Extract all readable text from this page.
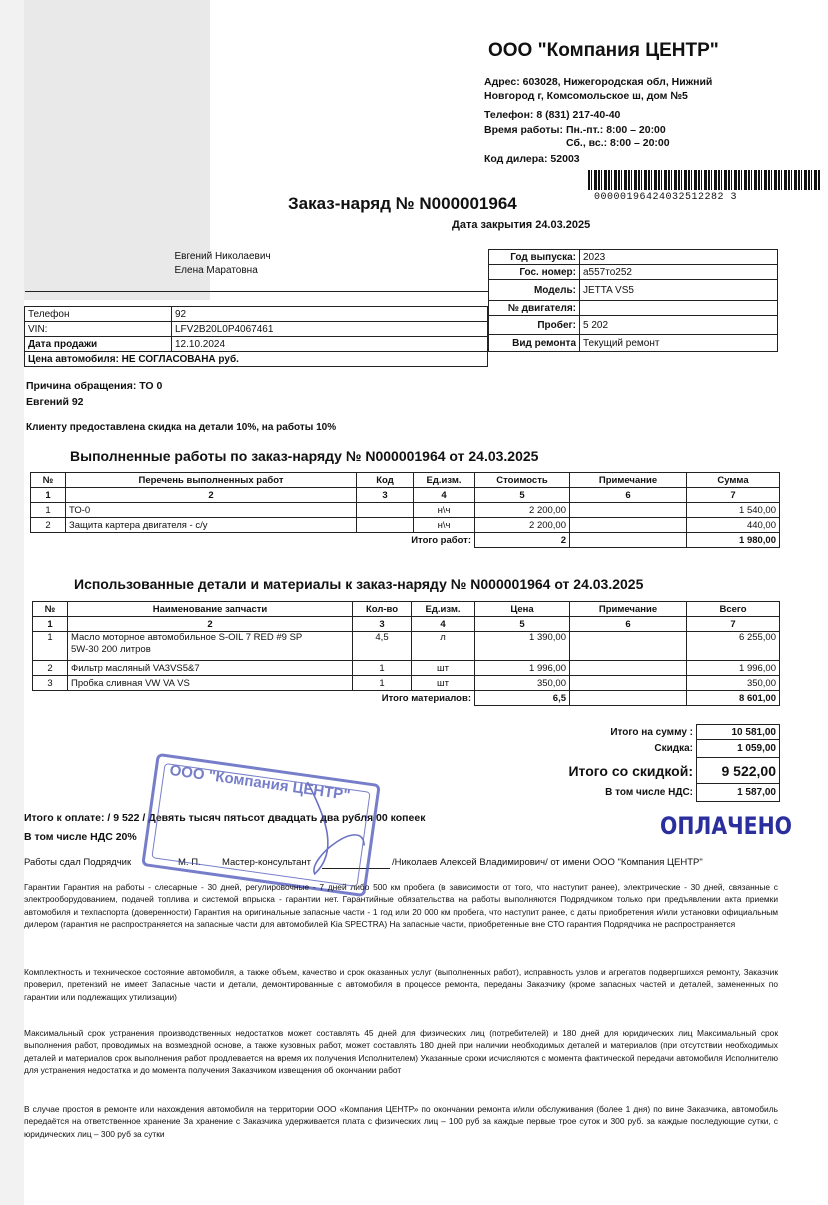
ООО "Компания ЦЕНТР"
Адрес: 603028, Нижегородская обл, Нижний
Новгород г, Комсомольское ш, дом №5
Телефон: 8 (831) 217-40-40
Время работы: Пн.-пт.: 8:00 – 20:00
Сб., вс.: 8:00 – 20:00
Код дилера: 52003
00000196424032512282 3
Заказ-наряд № N000001964
Дата закрытия 24.03.2025
	Евгений Николаевич
	Елена Маратовна

Телефон	92
VIN:	LFV2B20L0P4067461
Дата продажи	12.10.2024
Цена автомобиля: НЕ СОГЛАСОВАНА руб.	
Год выпуска:	2023
Гос. номер:	а557то252
Модель:	JETTA VS5
№ двигателя:	
Пробег:	5 202
Вид ремонта	Текущий ремонт
Причина обращения: ТО 0
Евгений 92
Клиенту предоставлена скидка на детали 10%, на работы 10%
Выполненные работы по заказ-наряду № N000001964 от 24.03.2025
№	Перечень выполненных работ	Код	Ед.изм.	Стоимость	Примечание	Сумма
1	2	3	4	5	6	7
1	ТО-0		н\ч	2 200,00		1 540,00
2	Защита картера двигателя - с/у		н\ч	2 200,00		440,00
Итого работ:				2		1 980,00
Использованные детали и материалы к заказ-наряду № N000001964 от 24.03.2025
№	Наименование запчасти	Кол-во	Ед.изм.	Цена	Примечание	Всего
1	2	3	4	5	6	7
1	Масло моторное автомобильное S-OIL 7 RED #9 SP
5W-30 200 литров	4,5	л	1 390,00		6 255,00
2	Фильтр масляный VA3VS5&7	1	шт	1 996,00		1 996,00
3	Пробка сливная VW VA VS	1	шт	350,00		350,00
Итого материалов:				6,5		8 601,00
Итого на сумму :	10 581,00
Скидка:	1 059,00
Итого со скидкой:	9 522,00
В том числе НДС:	1 587,00
Итого к оплате: / 9 522 / Девять тысяч пятьсот двадцать два рубля 00 копеек
В том числе НДС 20%	ОПЛАЧЕНО
Работы сдал Подрядчик	М. П. Мастер-консультант	/Николаев Алексей Владимирович/ от имени ООО "Компания ЦЕНТР"
ООО "Компания ЦЕНТР"
Гарантии Гарантия на работы - слесарные - 30 дней, регулировочные - 7 дней либо 500 км пробега (в зависимости от того, что наступит ранее), электрические - 30 дней, связанные с электрооборудованием, подачей топлива и системой впрыска - гарантии нет. Гарантийные обязательства на работы выполняются Подрядчиком только при предъявлении акта приемки автомобиля и техпаспорта (доверенности) Гарантия на оригинальные запасные части - 1 год или 20 000 км пробега, что наступит ранее, с даты приобретения и/или установки официальным дилером (гарантия не распространяется на запасные части для автомобилей Kia SPECTRA) На запасные части, приобретенные вне СТО гарантия Подрядчика не распространяется
Комплектность и техническое состояние автомобиля, а также объем, качество и срок оказанных услуг (выполненных работ), исправность узлов и агрегатов подвергшихся ремонту, Заказчик проверил, претензий не имеет Запасные части и детали, демонтированные с автомобиля в процессе ремонта, переданы Заказчику (кроме запасных частей и деталей, замененных по гарантии или подлежащих утилизации)
Максимальный срок устранения производственных недостатков может составлять 45 дней для физических лиц (потребителей) и 180 дней для юридических лиц Максимальный срок выполнения работ, проводимых на возмездной основе, а также кузовных работ, может составлять 180 дней при наличии необходимых деталей и материалов (при отсутствии необходимых деталей и материалов срок выполнения работ продлевается на время их получения Исполнителем) Указанные сроки исчисляются с момента фактической передачи автомобиля Исполнителю для устранения недостатка и до момента получения Заказчиком извещения об окончании работ
В случае простоя в ремонте или нахождения автомобиля на территории ООО «Компания ЦЕНТР» по окончании ремонта и/или обслуживания (более 1 дня) по вине Заказчика, автомобиль передаётся на ответственное хранение За хранение с Заказчика удерживается плата с физических лиц – 100 руб за каждые первые трое суток и 300 руб. за каждые последующие сутки, с юридических лиц – 300 руб за сутки
